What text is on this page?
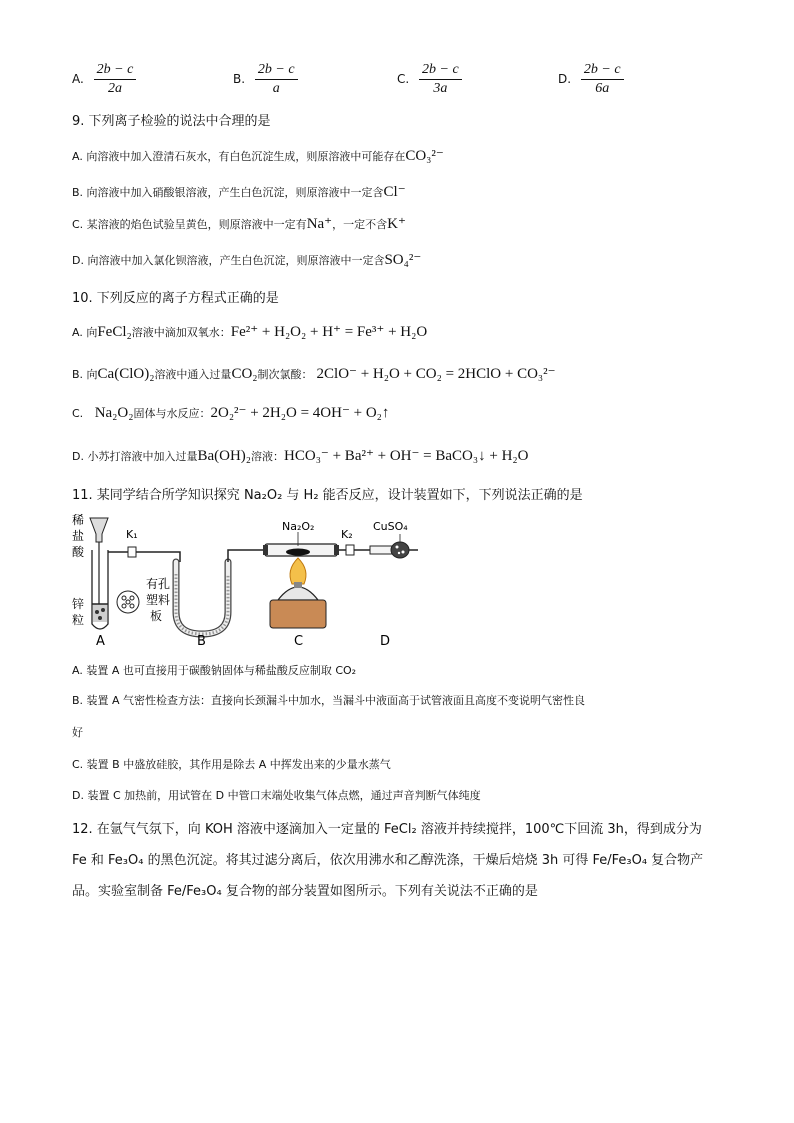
A. $\frac{2b - c}{2a}$	B. $\frac{2b - c}{a}$	C. $\frac{2b - c}{3a}$	D. $\frac{2b - c}{6a}$
9. 下列离子检验的说法中合理的是
A. 向溶液中加入澄清石灰水，有白色沉淀生成，则原溶液中可能存在CO₃²⁻
B. 向溶液中加入硝酸银溶液，产生白色沉淀，则原溶液中一定含Cl⁻
C. 某溶液的焰色试验呈黄色，则原溶液中一定有Na⁺，一定不含K⁺
D. 向溶液中加入氯化钡溶液，产生白色沉淀，则原溶液中一定含SO₄²⁻
10. 下列反应的离子方程式正确的是
A. 向FeCl₂溶液中滴加双氧水：Fe²⁺ + H₂O₂ + H⁺ = Fe³⁺ + H₂O
B. 向Ca(ClO)₂溶液中通入过量CO₂制次氯酸： 2ClO⁻ + H₂O + CO₂ = 2HClO + CO₃²⁻
C. Na₂O₂固体与水反应：2O₂²⁻ + 2H₂O = 4OH⁻ + O₂↑
D. 小苏打溶液中加入过量Ba(OH)₂溶液：HCO₃⁻ + Ba²⁺ + OH⁻ = BaCO₃↓ + H₂O
11. 某同学结合所学知识探究 Na₂O₂ 与 H₂ 能否反应，设计装置如下，下列说法正确的是
稀
盐
酸
锌
粒
有孔
塑料
板
A
K₁
B
Na₂O₂
C
K₂
CuSO₄
D
A. 装置 A 也可直接用于碳酸钠固体与稀盐酸反应制取 CO₂
B. 装置 A 气密性检查方法：直接向长颈漏斗中加水，当漏斗中液面高于试管液面且高度不变说明气密性良
好
C. 装置 B 中盛放硅胶，其作用是除去 A 中挥发出来的少量水蒸气
D. 装置 C 加热前，用试管在 D 中管口末端处收集气体点燃，通过声音判断气体纯度
12. 在氩气气氛下，向 KOH 溶液中逐滴加入一定量的 FeCl₂ 溶液并持续搅拌，100℃下回流 3h，得到成分为
Fe 和 Fe₃O₄ 的黑色沉淀。将其过滤分离后，依次用沸水和乙醇洗涤，干燥后焙烧 3h 可得 Fe/Fe₃O₄ 复合物产
品。实验室制备 Fe/Fe₃O₄ 复合物的部分装置如图所示。下列有关说法不正确的是
